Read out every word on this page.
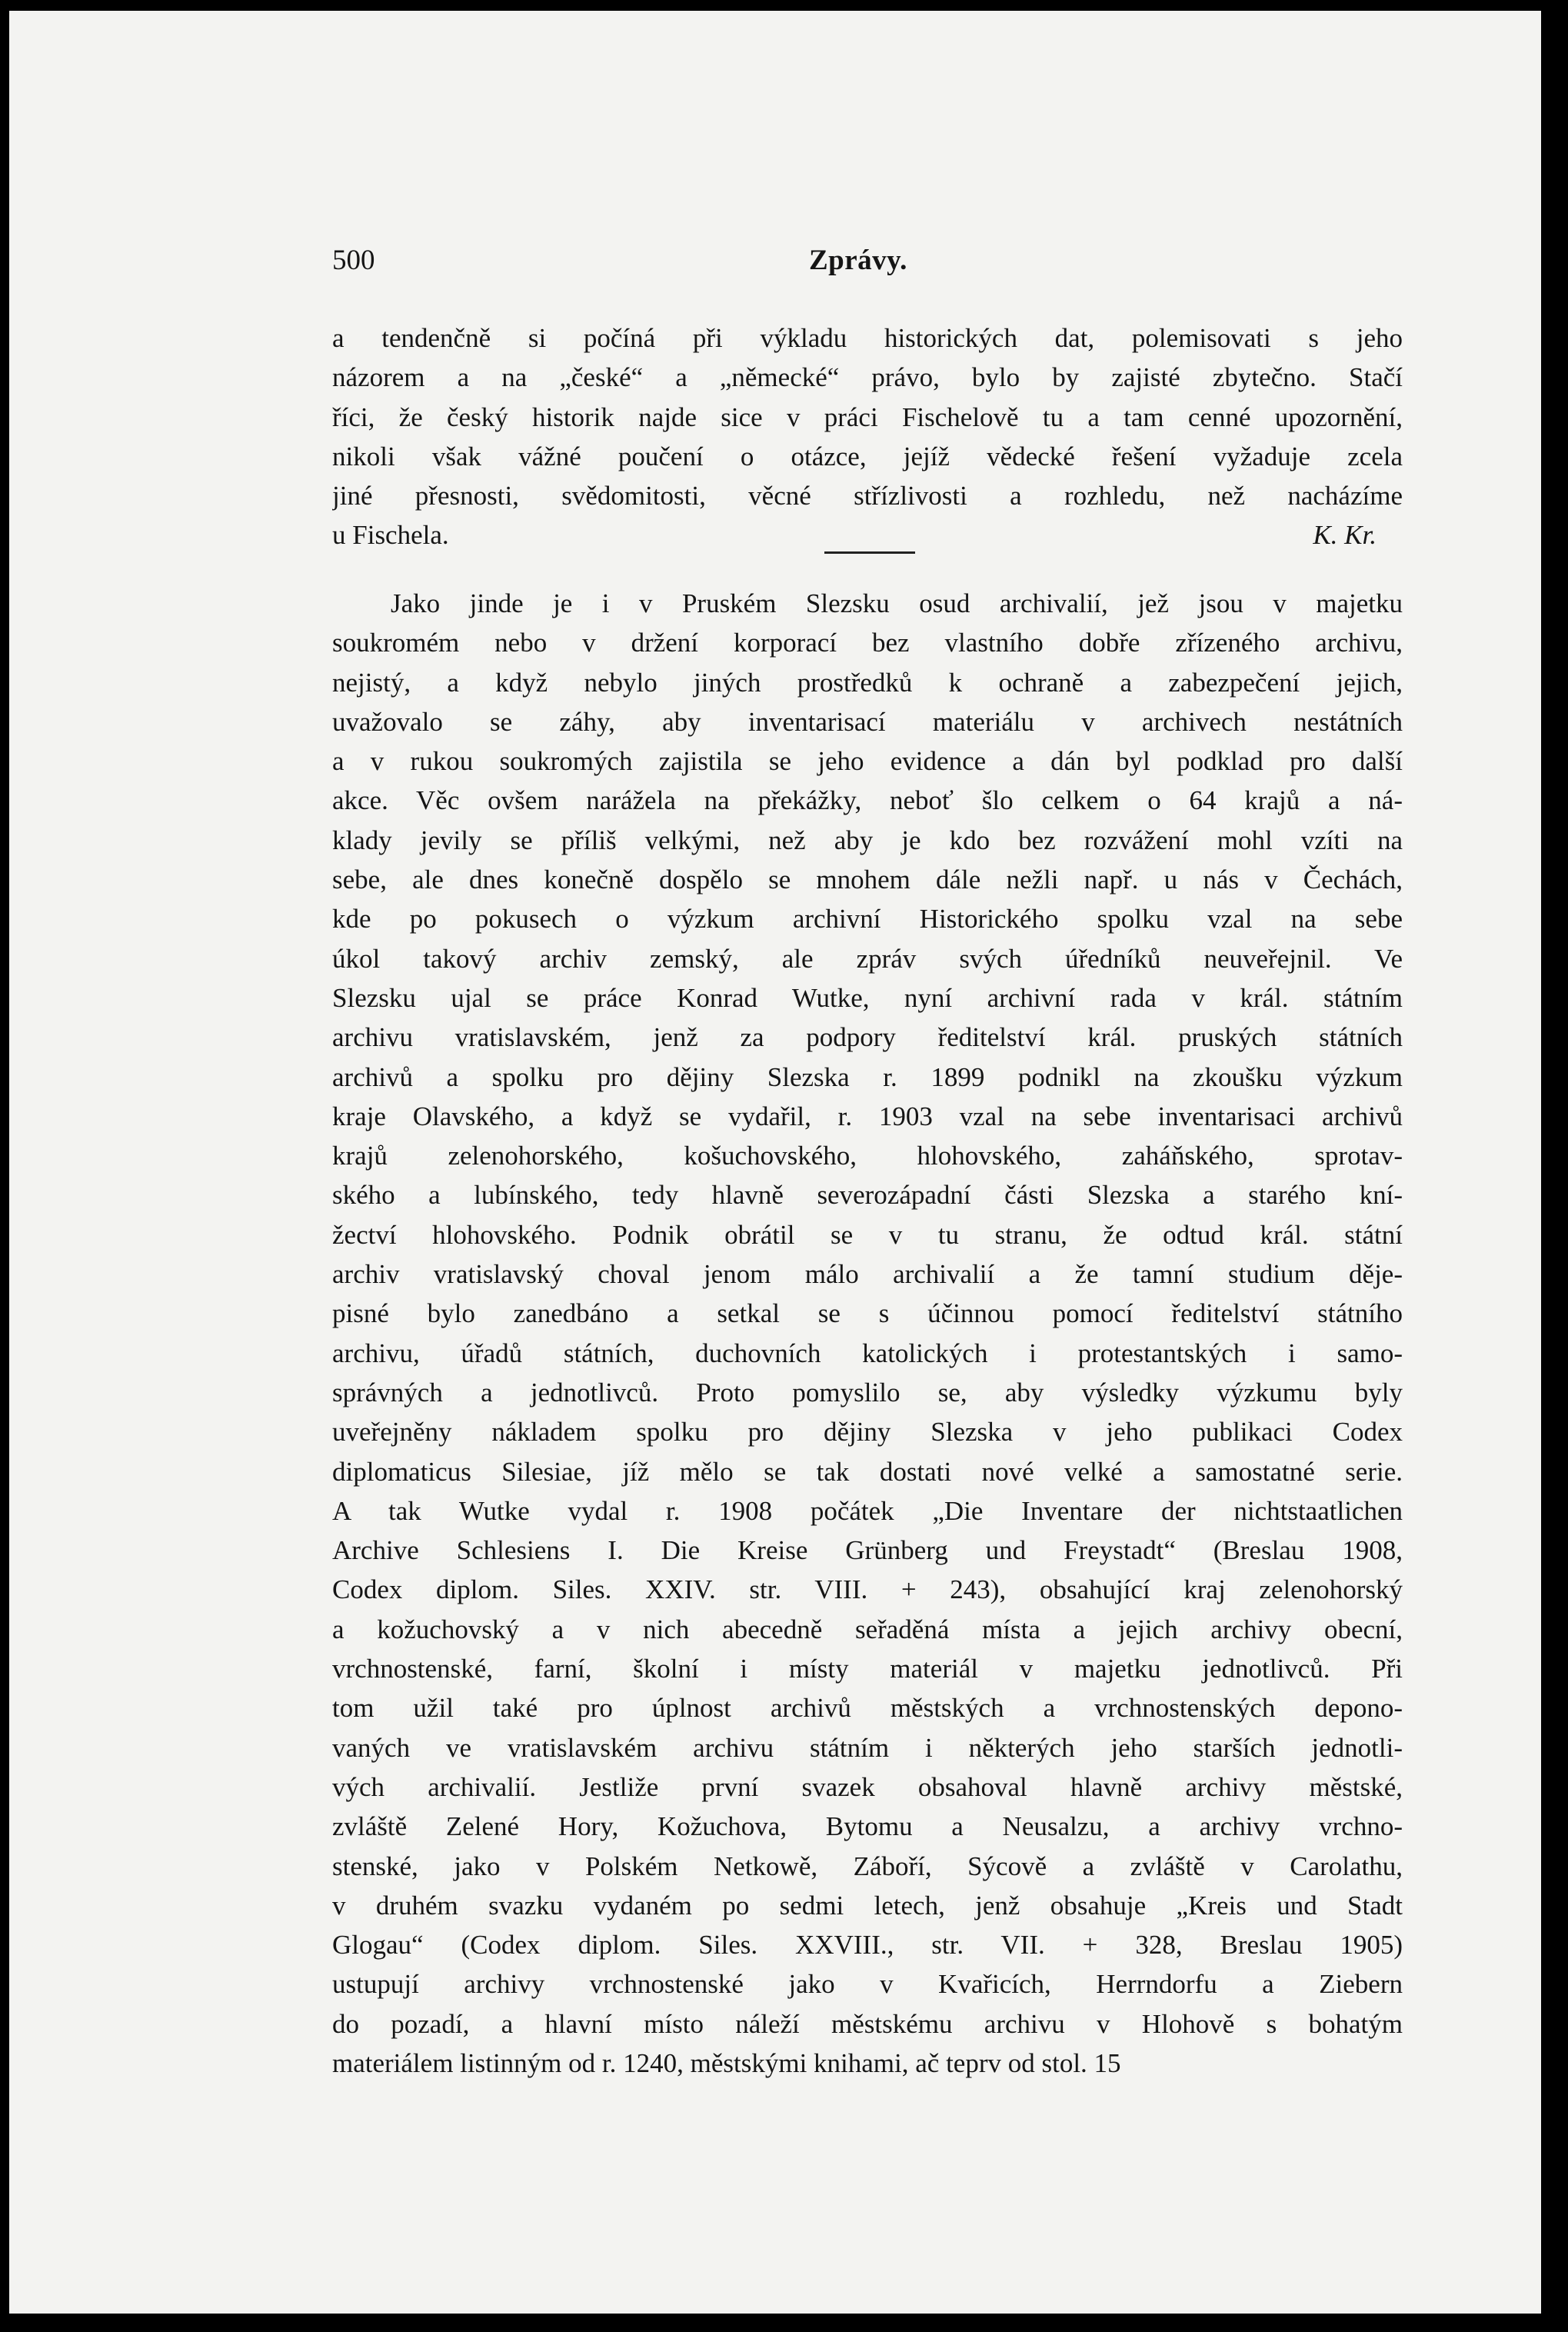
500	Zprávy.
a tendenčně si počíná při výkladu historických dat, polemisovati s jeho
názorem a na „české“ a „německé“ právo, bylo by zajisté zbytečno. Stačí
říci, že český historik najde sice v práci Fischelově tu a tam cenné upozornění,
nikoli však vážné poučení o otázce, jejíž vědecké řešení vyžaduje zcela
jiné přesnosti, svědomitosti, věcné střízlivosti a rozhledu, než nacházíme
u Fischela.	K. Kr.
Jako jinde je i v Pruském Slezsku osud archivalií, jež jsou v majetku
soukromém nebo v držení korporací bez vlastního dobře zřízeného archivu,
nejistý, a když nebylo jiných prostředků k ochraně a zabezpečení jejich,
uvažovalo se záhy, aby inventarisací materiálu v archivech nestátních
a v rukou soukromých zajistila se jeho evidence a dán byl podklad pro další
akce. Věc ovšem narážela na překážky, neboť šlo celkem o 64 krajů a ná-
klady jevily se příliš velkými, než aby je kdo bez rozvážení mohl vzíti na
sebe, ale dnes konečně dospělo se mnohem dále nežli např. u nás v Čechách,
kde po pokusech o výzkum archivní Historického spolku vzal na sebe
úkol takový archiv zemský, ale zpráv svých úředníků neuveřejnil. Ve
Slezsku ujal se práce Konrad Wutke, nyní archivní rada v král. státním
archivu vratislavském, jenž za podpory ředitelství král. pruských státních
archivů a spolku pro dějiny Slezska r. 1899 podnikl na zkoušku výzkum
kraje Olavského, a když se vydařil, r. 1903 vzal na sebe inventarisaci archivů
krajů zelenohorského, košuchovského, hlohovského, zaháňského, sprotav-
ského a lubínského, tedy hlavně severozápadní části Slezska a starého kní-
žectví hlohovského. Podnik obrátil se v tu stranu, že odtud král. státní
archiv vratislavský choval jenom málo archivalií a že tamní studium děje-
pisné bylo zanedbáno a setkal se s účinnou pomocí ředitelství státního
archivu, úřadů státních, duchovních katolických i protestantských i samo-
správných a jednotlivců. Proto pomyslilo se, aby výsledky výzkumu byly
uveřejněny nákladem spolku pro dějiny Slezska v jeho publikaci Codex
diplomaticus Silesiae, jíž mělo se tak dostati nové velké a samostatné serie.
A tak Wutke vydal r. 1908 počátek „Die Inventare der nichtstaatlichen
Archive Schlesiens I. Die Kreise Grünberg und Freystadt“ (Breslau 1908,
Codex diplom. Siles. XXIV. str. VIII. + 243), obsahující kraj zelenohorský
a kožuchovský a v nich abecedně seřaděná místa a jejich archivy obecní,
vrchnostenské, farní, školní i místy materiál v majetku jednotlivců. Při
tom užil také pro úplnost archivů městských a vrchnostenských depono-
vaných ve vratislavském archivu státním i některých jeho starších jednotli-
vých archivalií. Jestliže první svazek obsahoval hlavně archivy městské,
zvláště Zelené Hory, Kožuchova, Bytomu a Neusalzu, a archivy vrchno-
stenské, jako v Polském Netkowě, Záboří, Sýcově a zvláště v Carolathu,
v druhém svazku vydaném po sedmi letech, jenž obsahuje „Kreis und Stadt
Glogau“ (Codex diplom. Siles. XXVIII., str. VII. + 328, Breslau 1905)
ustupují archivy vrchnostenské jako v Kvařicích, Herrndorfu a Ziebern
do pozadí, a hlavní místo náleží městskému archivu v Hlohově s bohatým
materiálem listinným od r. 1240, městskými knihami, ač teprv od stol. 15
